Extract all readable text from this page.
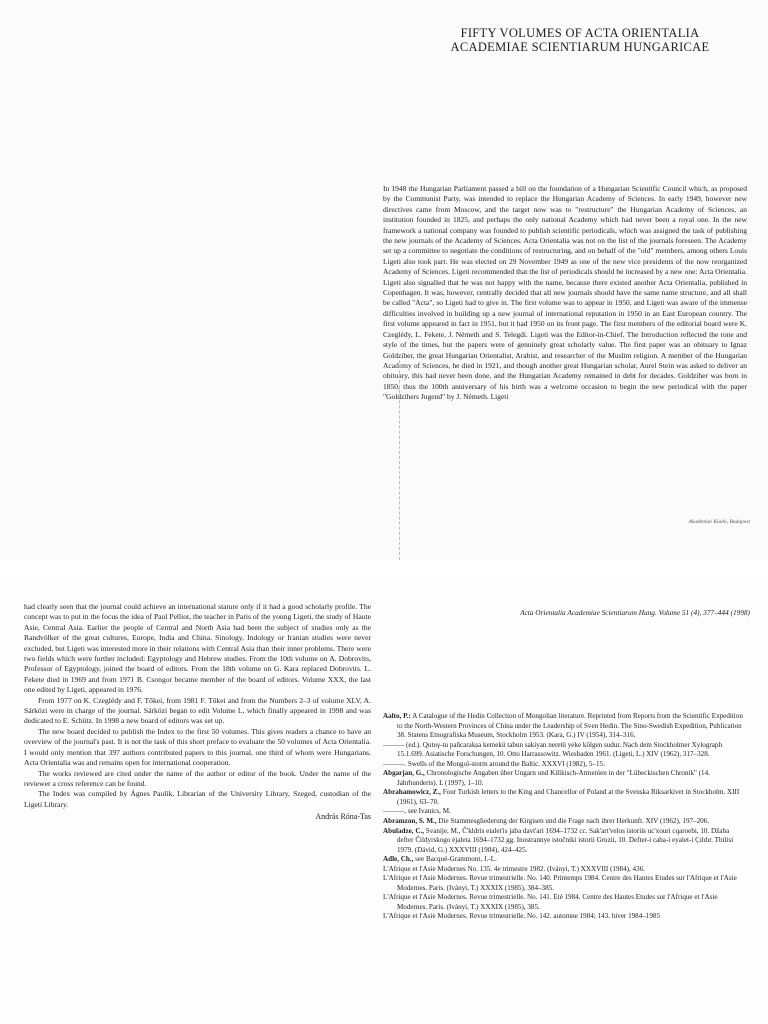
FIFTY VOLUMES OF ACTA ORIENTALIA
ACADEMIAE SCIENTIARUM HUNGARICAE

In 1948 the Hungarian Parliament passed a bill on the foundation of a Hungarian Scientific Council which, as proposed by the Communist Party, was intended to replace the Hungarian Academy of Sciences. In early 1949, however new directives came from Moscow, and the target now was to "restructure" the Hungarian Academy of Sciences, an institution founded in 1825, and perhaps the only national Academy which had never been a royal one. In the new framework a national company was founded to publish scientific periodicals, which was assigned the task of publishing the new journals of the Academy of Sciences. Acta Orientalia was not on the list of the journals foreseen. The Academy set up a committee to negotiate the conditions of restructuring, and on behalf of the "old" members, among others Louis Ligeti also took part. He was elected on 29 November 1949 as one of the new vice presidents of the now reorganized Academy of Sciences. Ligeti recommended that the list of periodicals should be increased by a new one: Acta Orientalia. Ligeti also signalled that he was not happy with the name, because there existed another Acta Orientalia, published in Copenhagen. It was, however, centrally decided that all new journals should have the same name structure, and all shall be called "Acta", so Ligeti had to give in. The first volume was to appear in 1950, and Ligeti was aware of the immense difficulties involved in building up a new journal of international reputation in 1950 in an East European country. The first volume appeared in fact in 1951, but it had 1950 on its front page. The first members of the editorial board were K. Czeglédy, L. Fekete, J. Németh and S. Telegdi. Ligeti was the Editor-in-Chief. The Introduction reflected the tone and style of the times, but the papers were of genuinely great scholarly value. The first paper was an obituary to Ignaz Goldziher, the great Hungarian Orientalist, Arabist, and researcher of the Muslim religion. A member of the Hungarian Academy of Sciences, he died in 1921, and though another great Hungarian scholar, Aurel Stein was asked to deliver an obituary, this had never been done, and the Hungarian Academy remained in debt for decades. Goldziher was born in 1850, thus the 100th anniversary of his birth was a welcome occasion to begin the new periodical with the paper "Goldzihers Jugend" by J. Németh. Ligeti

Akadémiai Kiadó, Budapest

had clearly seen that the journal could achieve an international stature only if it had a good scholarly profile. The concept was to put in the focus the idea of Paul Pelliot, the teacher in Paris of the young Ligeti, the study of Haute Asie, Central Asia. Earlier the people of Central and North Asia had been the subject of studies only as the Randvölker of the great cultures, Europe, India and China. Sinology, Indology or Iranian studies were never excluded, but Ligeti was interested more in their relations with Central Asia than their inner problems. There were two fields which were further included: Egyptology and Hebrew studies. From the 10th volume on A. Dobrovits, Professor of Egyptology, joined the board of editors. From the 18th volume on G. Kara replaced Dobrovits. L. Fekete died in 1969 and from 1971 B. Csongor became member of the board of editors. Volume XXX, the last one edited by Ligeti, appeared in 1976.

From 1977 on K. Czeglédy and F. Tőkei, from 1981 F. Tőkei and from the Numbers 2–3 of volume XLV, A. Sárközi were in charge of the journal. Sárközi began to edit Volume L, which finally appeared in 1998 and was dedicated to E. Schütz. In 1998 a new board of editors was set up.

The new board decided to publish the Index to the first 50 volumes. This gives readers a chance to have an overview of the journal's past. It is not the task of this short preface to evaluate the 50 volumes of Acta Orientalia. I would only mention that 397 authors contributed papers to this journal, one third of whom were Hungarians. Acta Orientalia was and remains open for international cooperation.

The works reviewed are cited under the name of the author or editor of the book. Under the name of the reviewer a cross reference can be found.

The Index was compiled by Ágnes Paulik, Librarian of the University Library, Szeged, custodian of the Ligeti Library.

András Róna-Tas
Acta Orientalia Academiae Scientiarum Hung. Volume 51 (4), 377–444 (1998)

Aalto, P.: A Catalogue of the Hedin Collection of Mongolian literature. Reprinted from Reports from the Scientific Expedition to the North-Western Provinces of China under the Leadership of Sven Hedin. The Sino-Swedish Expedition, Publication 38. Statens Etnografiska Museum, Stockholm 1953. (Kara, G.) IV (1954), 314–316.

——— (ed.). Qutuγ-tu pañcarakṣa kemekü tabun sakiyan neretü yeke kölgen sudur. Nach dem Stockholmer Xylograph 15.1.699. Asiatische Forschungen, 10. Otto Harrassowitz. Wiesbaden 1961. (Ligeti, L.) XIV (1962), 317–328.

———. Swells of the Mongol-storm around the Baltic. XXXVI (1982), 5–15.

Abgarjan, G., Chronologische Angaben über Ungarn und Kilikisch-Armenien in der "Lübeckischen Chronik" (14. Jahrhunderts). L (1997), 1–10.

Abrahamowicz, Z., Four Turkish letters to the King and Chancellor of Poland at the Svenska Riksarkivet in Stockholm. XIII (1961), 63–70.

———, see Ivanics, M.

Abramzon, S. M., Die Stammesgliederung der Kirgisen und die Frage nach ihrer Herkunft. XIV (1962), 197–206.

Abuladze, C., Svanije, M., Č'kldris eialet'is jaba davt'ari 1694–1732 cc. Sak'art'velos istoriis uc'xouri cqaroebi, 10. Džaba defter Čildyrskogo ėjaleta 1694–1732 gg. Inostrannye istočniki istorii Gruzii, 10. Defter-i caba-i eyalet-i Çıldır. Tbilisi 1979. (Dávid, G.) XXXVIII (1984), 424–425.

Adle, Ch., see Bacqué-Grammont, J.-L.

L'Afrique et l'Asie Modernes No. 135. 4e trimestre 1982. (Iványi, T.) XXXVIII (1984), 436.

L'Afrique et l'Asie Modernes. Revue trimestrielle. No. 140. Printemps 1984. Centre des Hautes Etudes sur l'Afrique et l'Asie Modernes. Paris. (Iványi, T.) XXXIX (1985), 384–385.

L'Afrique et l'Asie Modernes. Revue trimestrielle. No. 141. Eté 1984. Centre des Hautes Etudes sur l'Afrique et l'Asie Modernes. Paris. (Iványi, T.) XXXIX (1985), 385.

L'Afrique et l'Asie Modernes. Revue trimestrielle. No. 142. automne 1984; 143. hiver 1984–1985
